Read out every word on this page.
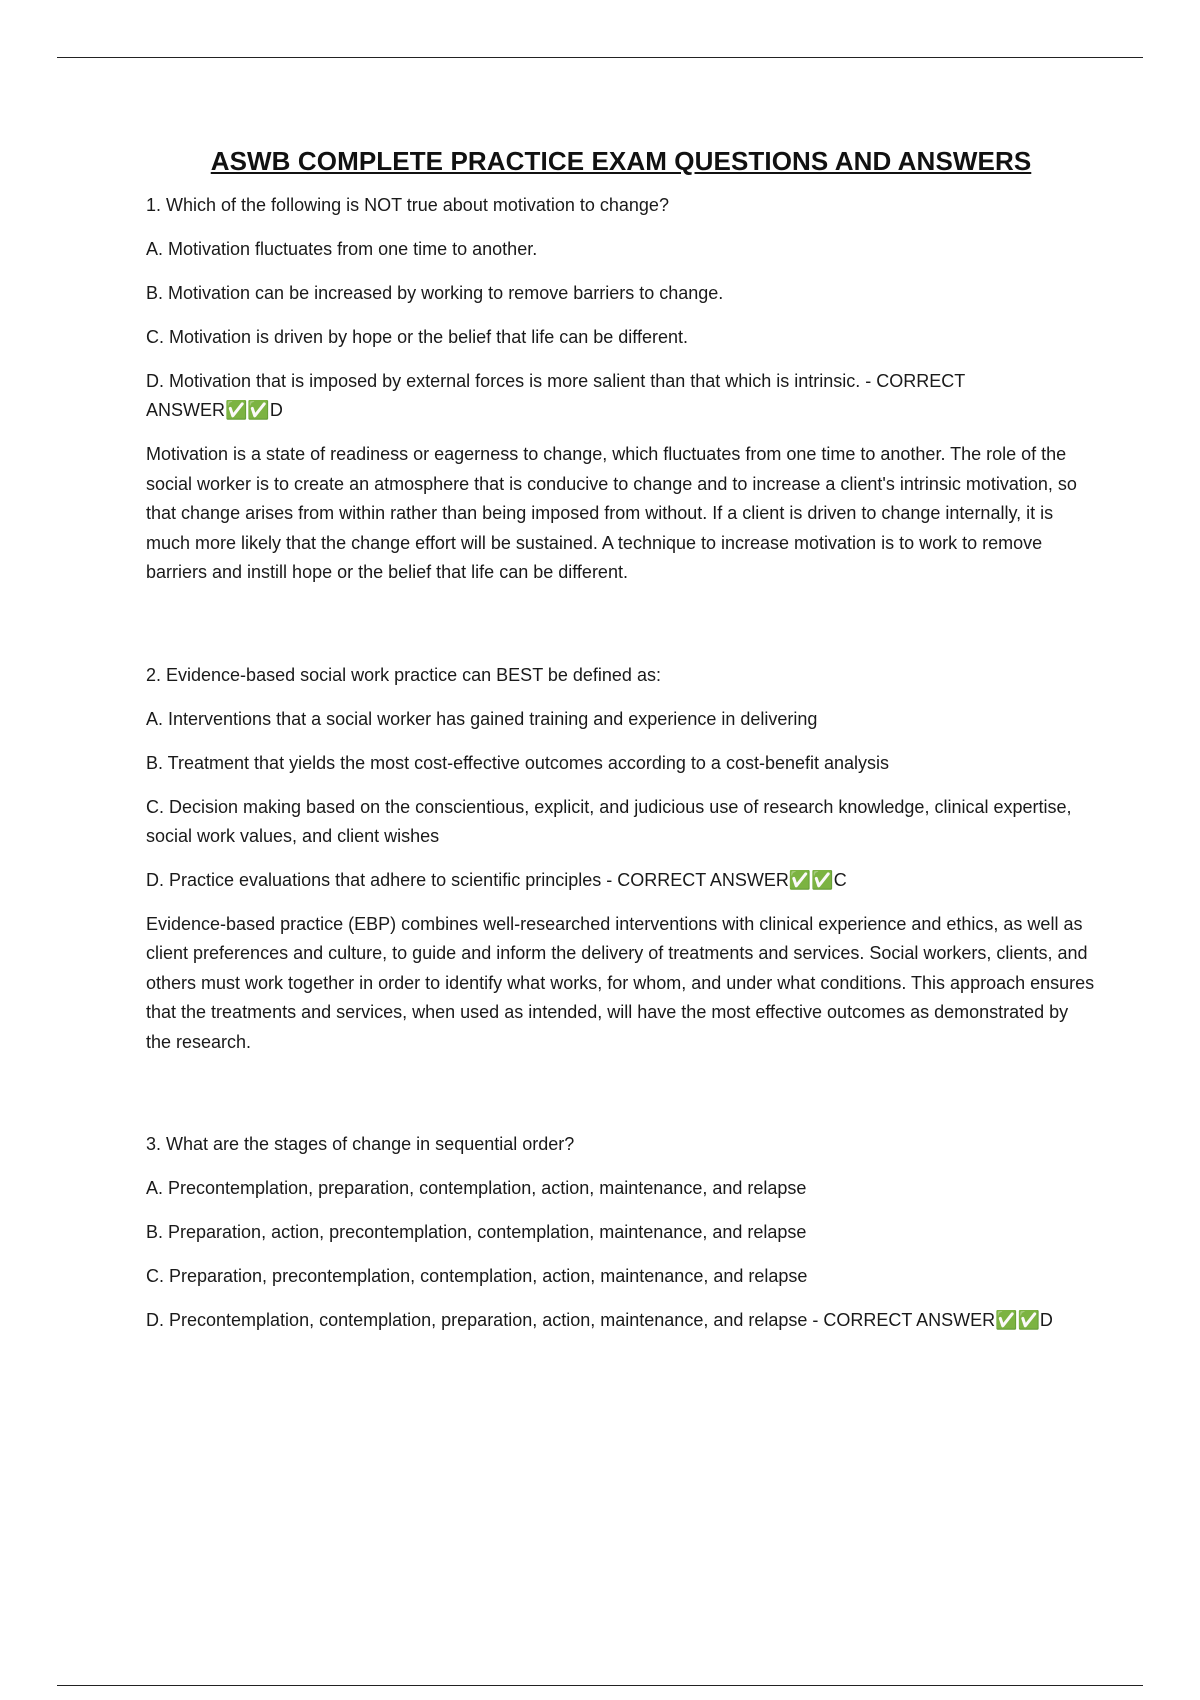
ASWB COMPLETE PRACTICE EXAM QUESTIONS AND ANSWERS

1. Which of the following is NOT true about motivation to change?

A. Motivation fluctuates from one time to another.

B. Motivation can be increased by working to remove barriers to change.

C. Motivation is driven by hope or the belief that life can be different.

D. Motivation that is imposed by external forces is more salient than that which is intrinsic. - CORRECT ANSWER✅✅D

Motivation is a state of readiness or eagerness to change, which fluctuates from one time to another. The role of the social worker is to create an atmosphere that is conducive to change and to increase a client's intrinsic motivation, so that change arises from within rather than being imposed from without. If a client is driven to change internally, it is much more likely that the change effort will be sustained. A technique to increase motivation is to work to remove barriers and instill hope or the belief that life can be different.

2. Evidence-based social work practice can BEST be defined as:

A. Interventions that a social worker has gained training and experience in delivering

B. Treatment that yields the most cost-effective outcomes according to a cost-benefit analysis

C. Decision making based on the conscientious, explicit, and judicious use of research knowledge, clinical expertise, social work values, and client wishes

D. Practice evaluations that adhere to scientific principles - CORRECT ANSWER✅✅C

Evidence-based practice (EBP) combines well-researched interventions with clinical experience and ethics, as well as client preferences and culture, to guide and inform the delivery of treatments and services. Social workers, clients, and others must work together in order to identify what works, for whom, and under what conditions. This approach ensures that the treatments and services, when used as intended, will have the most effective outcomes as demonstrated by the research.

3. What are the stages of change in sequential order?

A. Precontemplation, preparation, contemplation, action, maintenance, and relapse

B. Preparation, action, precontemplation, contemplation, maintenance, and relapse

C. Preparation, precontemplation, contemplation, action, maintenance, and relapse

D. Precontemplation, contemplation, preparation, action, maintenance, and relapse - CORRECT ANSWER✅✅D
